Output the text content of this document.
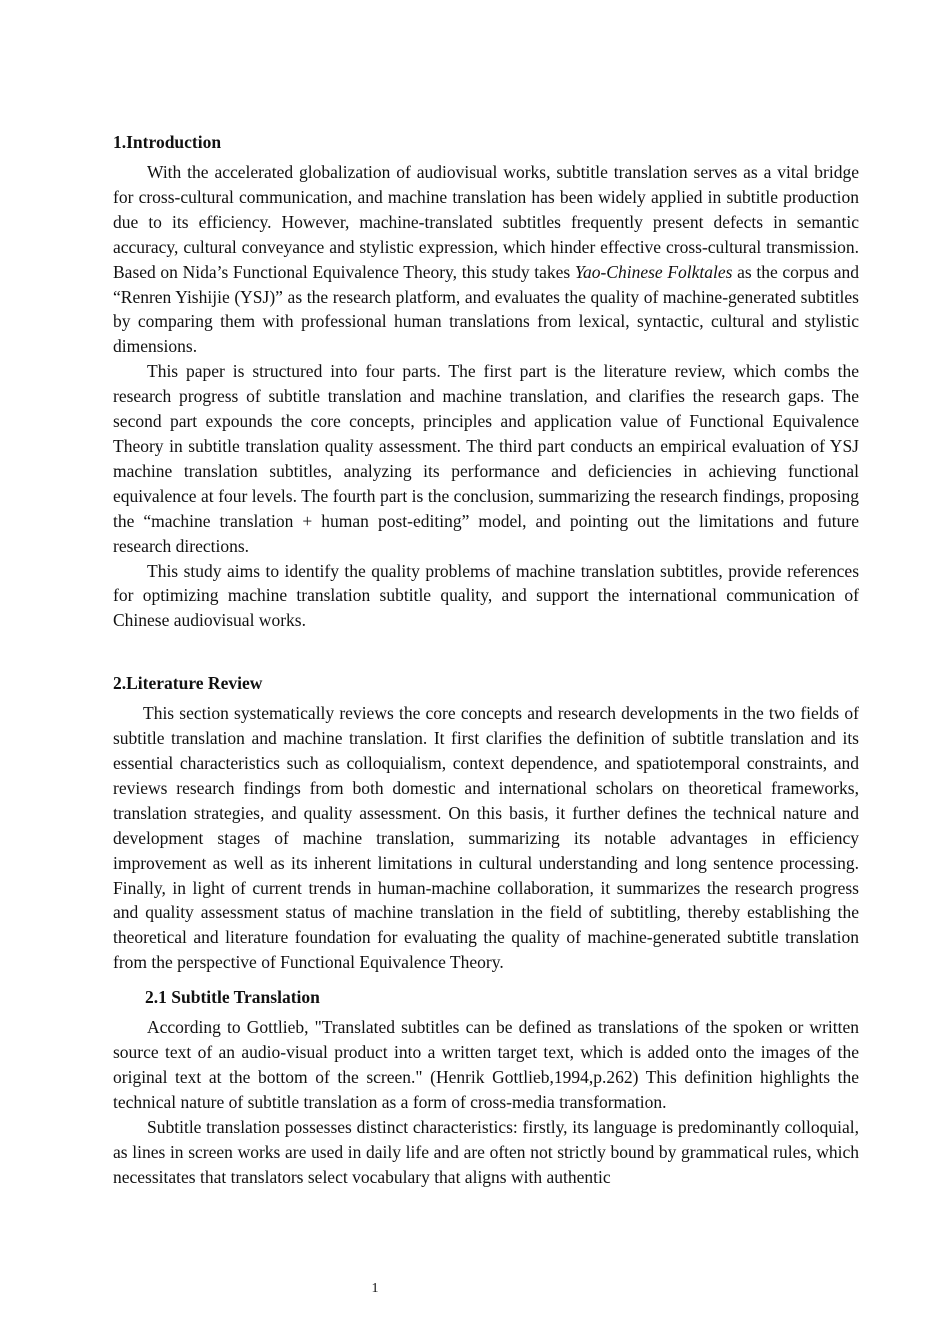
1.Introduction

With the accelerated globalization of audiovisual works, subtitle translation serves as a vital bridge for cross-cultural communication, and machine translation has been widely applied in subtitle production due to its efficiency. However, machine-translated subtitles frequently present defects in semantic accuracy, cultural conveyance and stylistic expression, which hinder effective cross-cultural transmission. Based on Nida’s Functional Equivalence Theory, this study takes Yao-Chinese Folktales as the corpus and “Renren Yishijie (YSJ)” as the research platform, and evaluates the quality of machine-generated subtitles by comparing them with professional human translations from lexical, syntactic, cultural and stylistic dimensions.

This paper is structured into four parts. The first part is the literature review, which combs the research progress of subtitle translation and machine translation, and clarifies the research gaps. The second part expounds the core concepts, principles and application value of Functional Equivalence Theory in subtitle translation quality assessment. The third part conducts an empirical evaluation of YSJ machine translation subtitles, analyzing its performance and deficiencies in achieving functional equivalence at four levels. The fourth part is the conclusion, summarizing the research findings, proposing the “machine translation + human post-editing” model, and pointing out the limitations and future research directions.

This study aims to identify the quality problems of machine translation subtitles, provide references for optimizing machine translation subtitle quality, and support the international communication of Chinese audiovisual works.

2.Literature Review

This section systematically reviews the core concepts and research developments in the two fields of subtitle translation and machine translation. It first clarifies the definition of subtitle translation and its essential characteristics such as colloquialism, context dependence, and spatiotemporal constraints, and reviews research findings from both domestic and international scholars on theoretical frameworks, translation strategies, and quality assessment. On this basis, it further defines the technical nature and development stages of machine translation, summarizing its notable advantages in efficiency improvement as well as its inherent limitations in cultural understanding and long sentence processing. Finally, in light of current trends in human-machine collaboration, it summarizes the research progress and quality assessment status of machine translation in the field of subtitling, thereby establishing the theoretical and literature foundation for evaluating the quality of machine-generated subtitle translation from the perspective of Functional Equivalence Theory.

2.1 Subtitle Translation

According to Gottlieb, "Translated subtitles can be defined as translations of the spoken or written source text of an audio-visual product into a written target text, which is added onto the images of the original text at the bottom of the screen." (Henrik Gottlieb,1994,p.262) This definition highlights the technical nature of subtitle translation as a form of cross-media transformation.

Subtitle translation possesses distinct characteristics: firstly, its language is predominantly colloquial, as lines in screen works are used in daily life and are often not strictly bound by grammatical rules, which necessitates that translators select vocabulary that aligns with authentic

1
